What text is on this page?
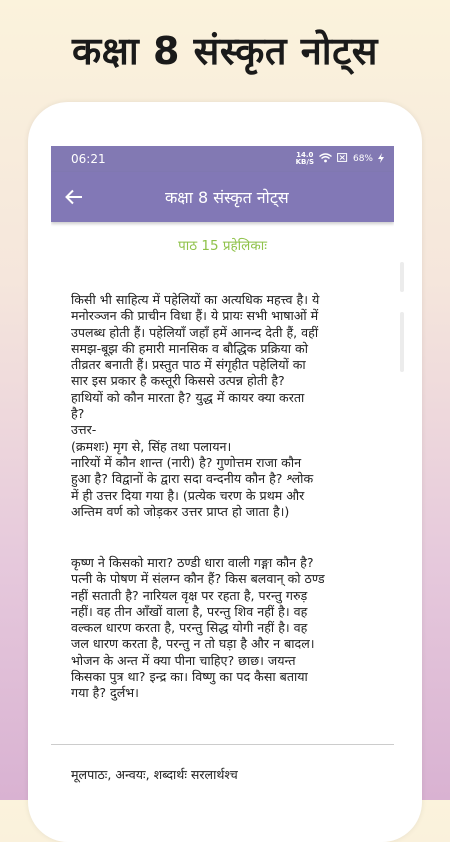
कक्षा 8 संस्कृत नोट्स
06:21	14.0
KB/S	68%
कक्षा 8 संस्कृत नोट्स
पाठ 15 प्रहेलिकाः

किसी भी साहित्य में पहेलियों का अत्यधिक महत्त्व है। ये
मनोरञ्जन की प्राचीन विधा हैं। ये प्रायः सभी भाषाओं में
उपलब्ध होती हैं। पहेलियाँ जहाँ हमें आनन्द देती हैं, वहीं
समझ-बूझ की हमारी मानसिक व बौद्धिक प्रक्रिया को
तीव्रतर बनाती हैं। प्रस्तुत पाठ में संगृहीत पहेलियों का
सार इस प्रकार है कस्तूरी किससे उत्पन्न होती है?
हाथियों को कौन मारता है? युद्ध में कायर क्या करता
है?
उत्तर-
(क्रमशः) मृग से, सिंह तथा पलायन।
नारियों में कौन शान्त (नारी) है? गुणोत्तम राजा कौन
हुआ है? विद्वानों के द्वारा सदा वन्दनीय कौन है? श्लोक
में ही उत्तर दिया गया है। (प्रत्येक चरण के प्रथम और
अन्तिम वर्ण को जोड़कर उत्तर प्राप्त हो जाता है।)

कृष्ण ने किसको मारा? ठण्डी धारा वाली गङ्गा कौन है?
पत्नी के पोषण में संलग्न कौन हैं? किस बलवान् को ठण्ड
नहीं सताती है? नारियल वृक्ष पर रहता है, परन्तु गरुड़
नहीं। वह तीन आँखों वाला है, परन्तु शिव नहीं है। वह
वल्कल धारण करता है, परन्तु सिद्ध योगी नहीं है। वह
जल धारण करता है, परन्तु न तो घड़ा है और न बादल।
भोजन के अन्त में क्या पीना चाहिए? छाछ। जयन्त
किसका पुत्र था? इन्द्र का। विष्णु का पद कैसा बताया
गया है? दुर्लभ।

मूलपाठः, अन्वयः, शब्दार्थः सरलार्थश्च
